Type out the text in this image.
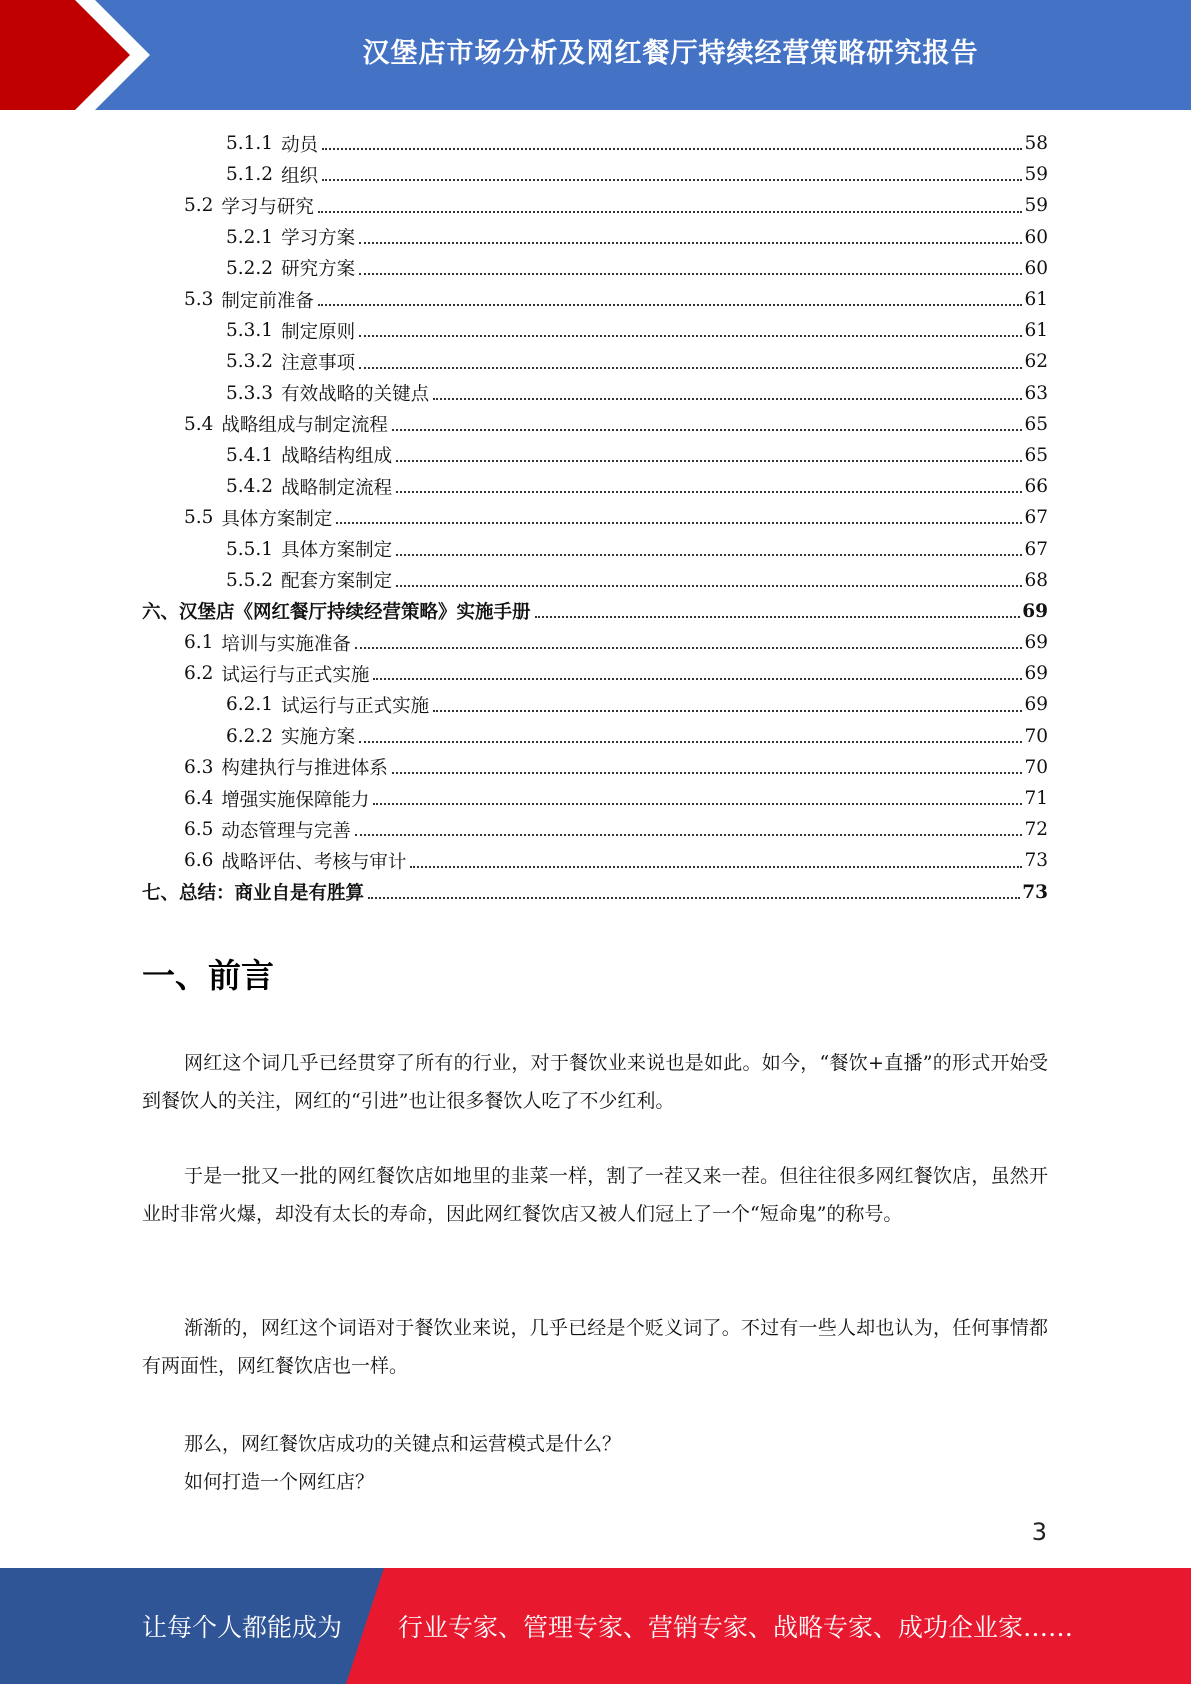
汉堡店市场分析及网红餐厅持续经营策略研究报告
5.1.1 动员	58
5.1.2 组织	59
5.2 学习与研究	59
5.2.1 学习方案	60
5.2.2 研究方案	60
5.3 制定前准备	61
5.3.1 制定原则	61
5.3.2 注意事项	62
5.3.3 有效战略的关键点	63
5.4 战略组成与制定流程	65
5.4.1 战略结构组成	65
5.4.2 战略制定流程	66
5.5 具体方案制定	67
5.5.1 具体方案制定	67
5.5.2 配套方案制定	68
六、汉堡店《网红餐厅持续经营策略》实施手册	69
6.1 培训与实施准备	69
6.2 试运行与正式实施	69
6.2.1 试运行与正式实施	69
6.2.2 实施方案	70
6.3 构建执行与推进体系	70
6.4 增强实施保障能力	71
6.5 动态管理与完善	72
6.6 战略评估、考核与审计	73
七、总结：商业自是有胜算	73
一、前言
网红这个词几乎已经贯穿了所有的行业，对于餐饮业来说也是如此。如今，“餐饮+直播”的形式开始受到餐饮人的关注，网红的“引进”也让很多餐饮人吃了不少红利。
于是一批又一批的网红餐饮店如地里的韭菜一样，割了一茬又来一茬。但往往很多网红餐饮店，虽然开业时非常火爆，却没有太长的寿命，因此网红餐饮店又被人们冠上了一个“短命鬼”的称号。
渐渐的，网红这个词语对于餐饮业来说，几乎已经是个贬义词了。不过有一些人却也认为，任何事情都有两面性，网红餐饮店也一样。
那么，网红餐饮店成功的关键点和运营模式是什么？
如何打造一个网红店？
3
让每个人都能成为 行业专家、管理专家、营销专家、战略专家、成功企业家……
